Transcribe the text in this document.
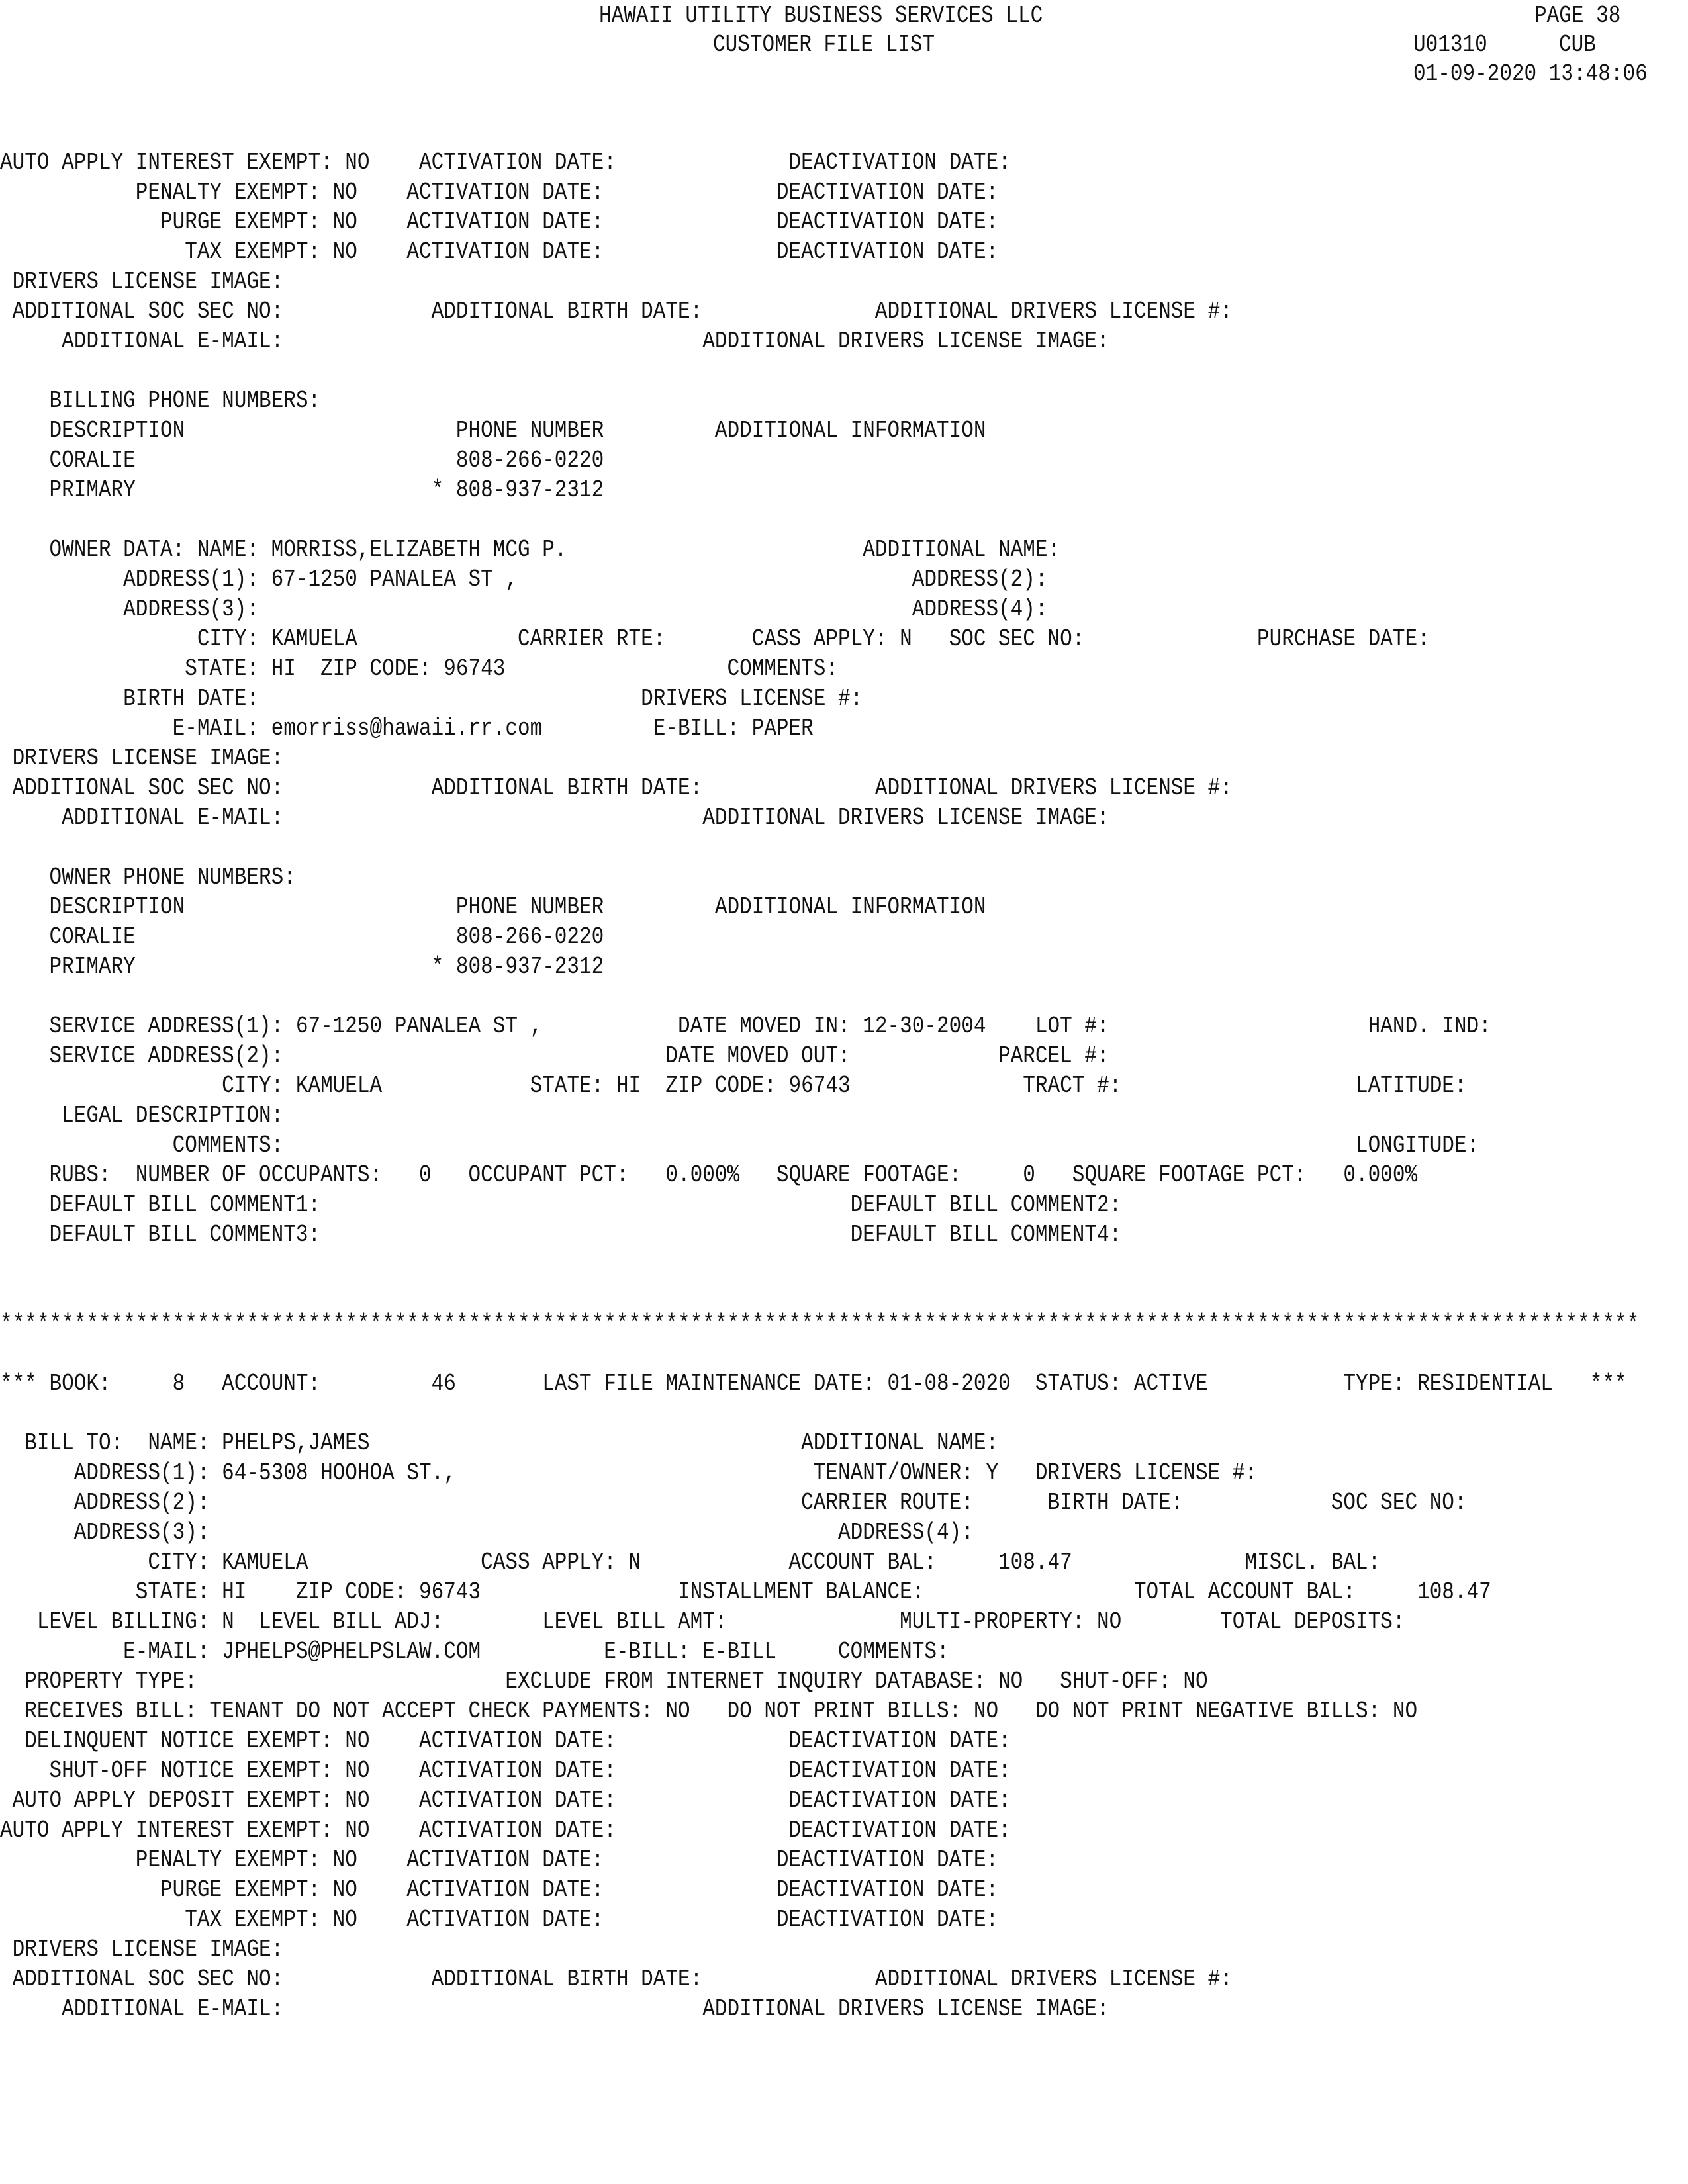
HAWAII UTILITY BUSINESS SERVICES LLC
CUSTOMER FILE LIST
PAGE 38
U01310	CUB
01-09-2020 13:48:06
AUTO APPLY INTEREST EXEMPT: NO    ACTIVATION DATE:              DEACTIVATION DATE:
PENALTY EXEMPT: NO    ACTIVATION DATE:              DEACTIVATION DATE:
PURGE EXEMPT: NO    ACTIVATION DATE:              DEACTIVATION DATE:
TAX EXEMPT: NO    ACTIVATION DATE:              DEACTIVATION DATE:
DRIVERS LICENSE IMAGE:
ADDITIONAL SOC SEC NO:            ADDITIONAL BIRTH DATE:              ADDITIONAL DRIVERS LICENSE #:
ADDITIONAL E-MAIL:                                  ADDITIONAL DRIVERS LICENSE IMAGE:
BILLING PHONE NUMBERS:
DESCRIPTION                      PHONE NUMBER         ADDITIONAL INFORMATION
CORALIE                          808-266-0220
PRIMARY                        * 808-937-2312
OWNER DATA: NAME: MORRISS,ELIZABETH MCG P.                        ADDITIONAL NAME:
ADDRESS(1): 67-1250 PANALEA ST ,                                ADDRESS(2):
ADDRESS(3):                                                     ADDRESS(4):
CITY: KAMUELA             CARRIER RTE:       CASS APPLY: N   SOC SEC NO:              PURCHASE DATE:
STATE: HI  ZIP CODE: 96743                  COMMENTS:
BIRTH DATE:                               DRIVERS LICENSE #:
E-MAIL: emorriss@hawaii.rr.com         E-BILL: PAPER
DRIVERS LICENSE IMAGE:
ADDITIONAL SOC SEC NO:            ADDITIONAL BIRTH DATE:              ADDITIONAL DRIVERS LICENSE #:
ADDITIONAL E-MAIL:                                  ADDITIONAL DRIVERS LICENSE IMAGE:
OWNER PHONE NUMBERS:
DESCRIPTION                      PHONE NUMBER         ADDITIONAL INFORMATION
CORALIE                          808-266-0220
PRIMARY                        * 808-937-2312
SERVICE ADDRESS(1): 67-1250 PANALEA ST ,           DATE MOVED IN: 12-30-2004    LOT #:                     HAND. IND:
SERVICE ADDRESS(2):                               DATE MOVED OUT:            PARCEL #:
CITY: KAMUELA            STATE: HI  ZIP CODE: 96743              TRACT #:                   LATITUDE:
LEGAL DESCRIPTION:
COMMENTS:                                                                                       LONGITUDE:
RUBS:  NUMBER OF OCCUPANTS:   0   OCCUPANT PCT:   0.000%   SQUARE FOOTAGE:     0   SQUARE FOOTAGE PCT:   0.000%
DEFAULT BILL COMMENT1:                                           DEFAULT BILL COMMENT2:
DEFAULT BILL COMMENT3:                                           DEFAULT BILL COMMENT4:
*************************************************************************************************************************************
*** BOOK:     8   ACCOUNT:         46       LAST FILE MAINTENANCE DATE: 01-08-2020  STATUS: ACTIVE           TYPE: RESIDENTIAL   ***
BILL TO:  NAME: PHELPS,JAMES                                   ADDITIONAL NAME:
ADDRESS(1): 64-5308 HOOHOA ST.,                             TENANT/OWNER: Y   DRIVERS LICENSE #:
ADDRESS(2):                                                CARRIER ROUTE:      BIRTH DATE:            SOC SEC NO:
ADDRESS(3):                                                   ADDRESS(4):
CITY: KAMUELA              CASS APPLY: N            ACCOUNT BAL:     108.47              MISCL. BAL:
STATE: HI    ZIP CODE: 96743                INSTALLMENT BALANCE:                 TOTAL ACCOUNT BAL:     108.47
LEVEL BILLING: N  LEVEL BILL ADJ:        LEVEL BILL AMT:              MULTI-PROPERTY: NO        TOTAL DEPOSITS:
E-MAIL: JPHELPS@PHELPSLAW.COM          E-BILL: E-BILL     COMMENTS:
PROPERTY TYPE:                         EXCLUDE FROM INTERNET INQUIRY DATABASE: NO   SHUT-OFF: NO
RECEIVES BILL: TENANT DO NOT ACCEPT CHECK PAYMENTS: NO   DO NOT PRINT BILLS: NO   DO NOT PRINT NEGATIVE BILLS: NO
DELINQUENT NOTICE EXEMPT: NO    ACTIVATION DATE:              DEACTIVATION DATE:
SHUT-OFF NOTICE EXEMPT: NO    ACTIVATION DATE:              DEACTIVATION DATE:
AUTO APPLY DEPOSIT EXEMPT: NO    ACTIVATION DATE:              DEACTIVATION DATE:
AUTO APPLY INTEREST EXEMPT: NO    ACTIVATION DATE:              DEACTIVATION DATE:
PENALTY EXEMPT: NO    ACTIVATION DATE:              DEACTIVATION DATE:
PURGE EXEMPT: NO    ACTIVATION DATE:              DEACTIVATION DATE:
TAX EXEMPT: NO    ACTIVATION DATE:              DEACTIVATION DATE:
DRIVERS LICENSE IMAGE:
ADDITIONAL SOC SEC NO:            ADDITIONAL BIRTH DATE:              ADDITIONAL DRIVERS LICENSE #:
ADDITIONAL E-MAIL:                                  ADDITIONAL DRIVERS LICENSE IMAGE:
